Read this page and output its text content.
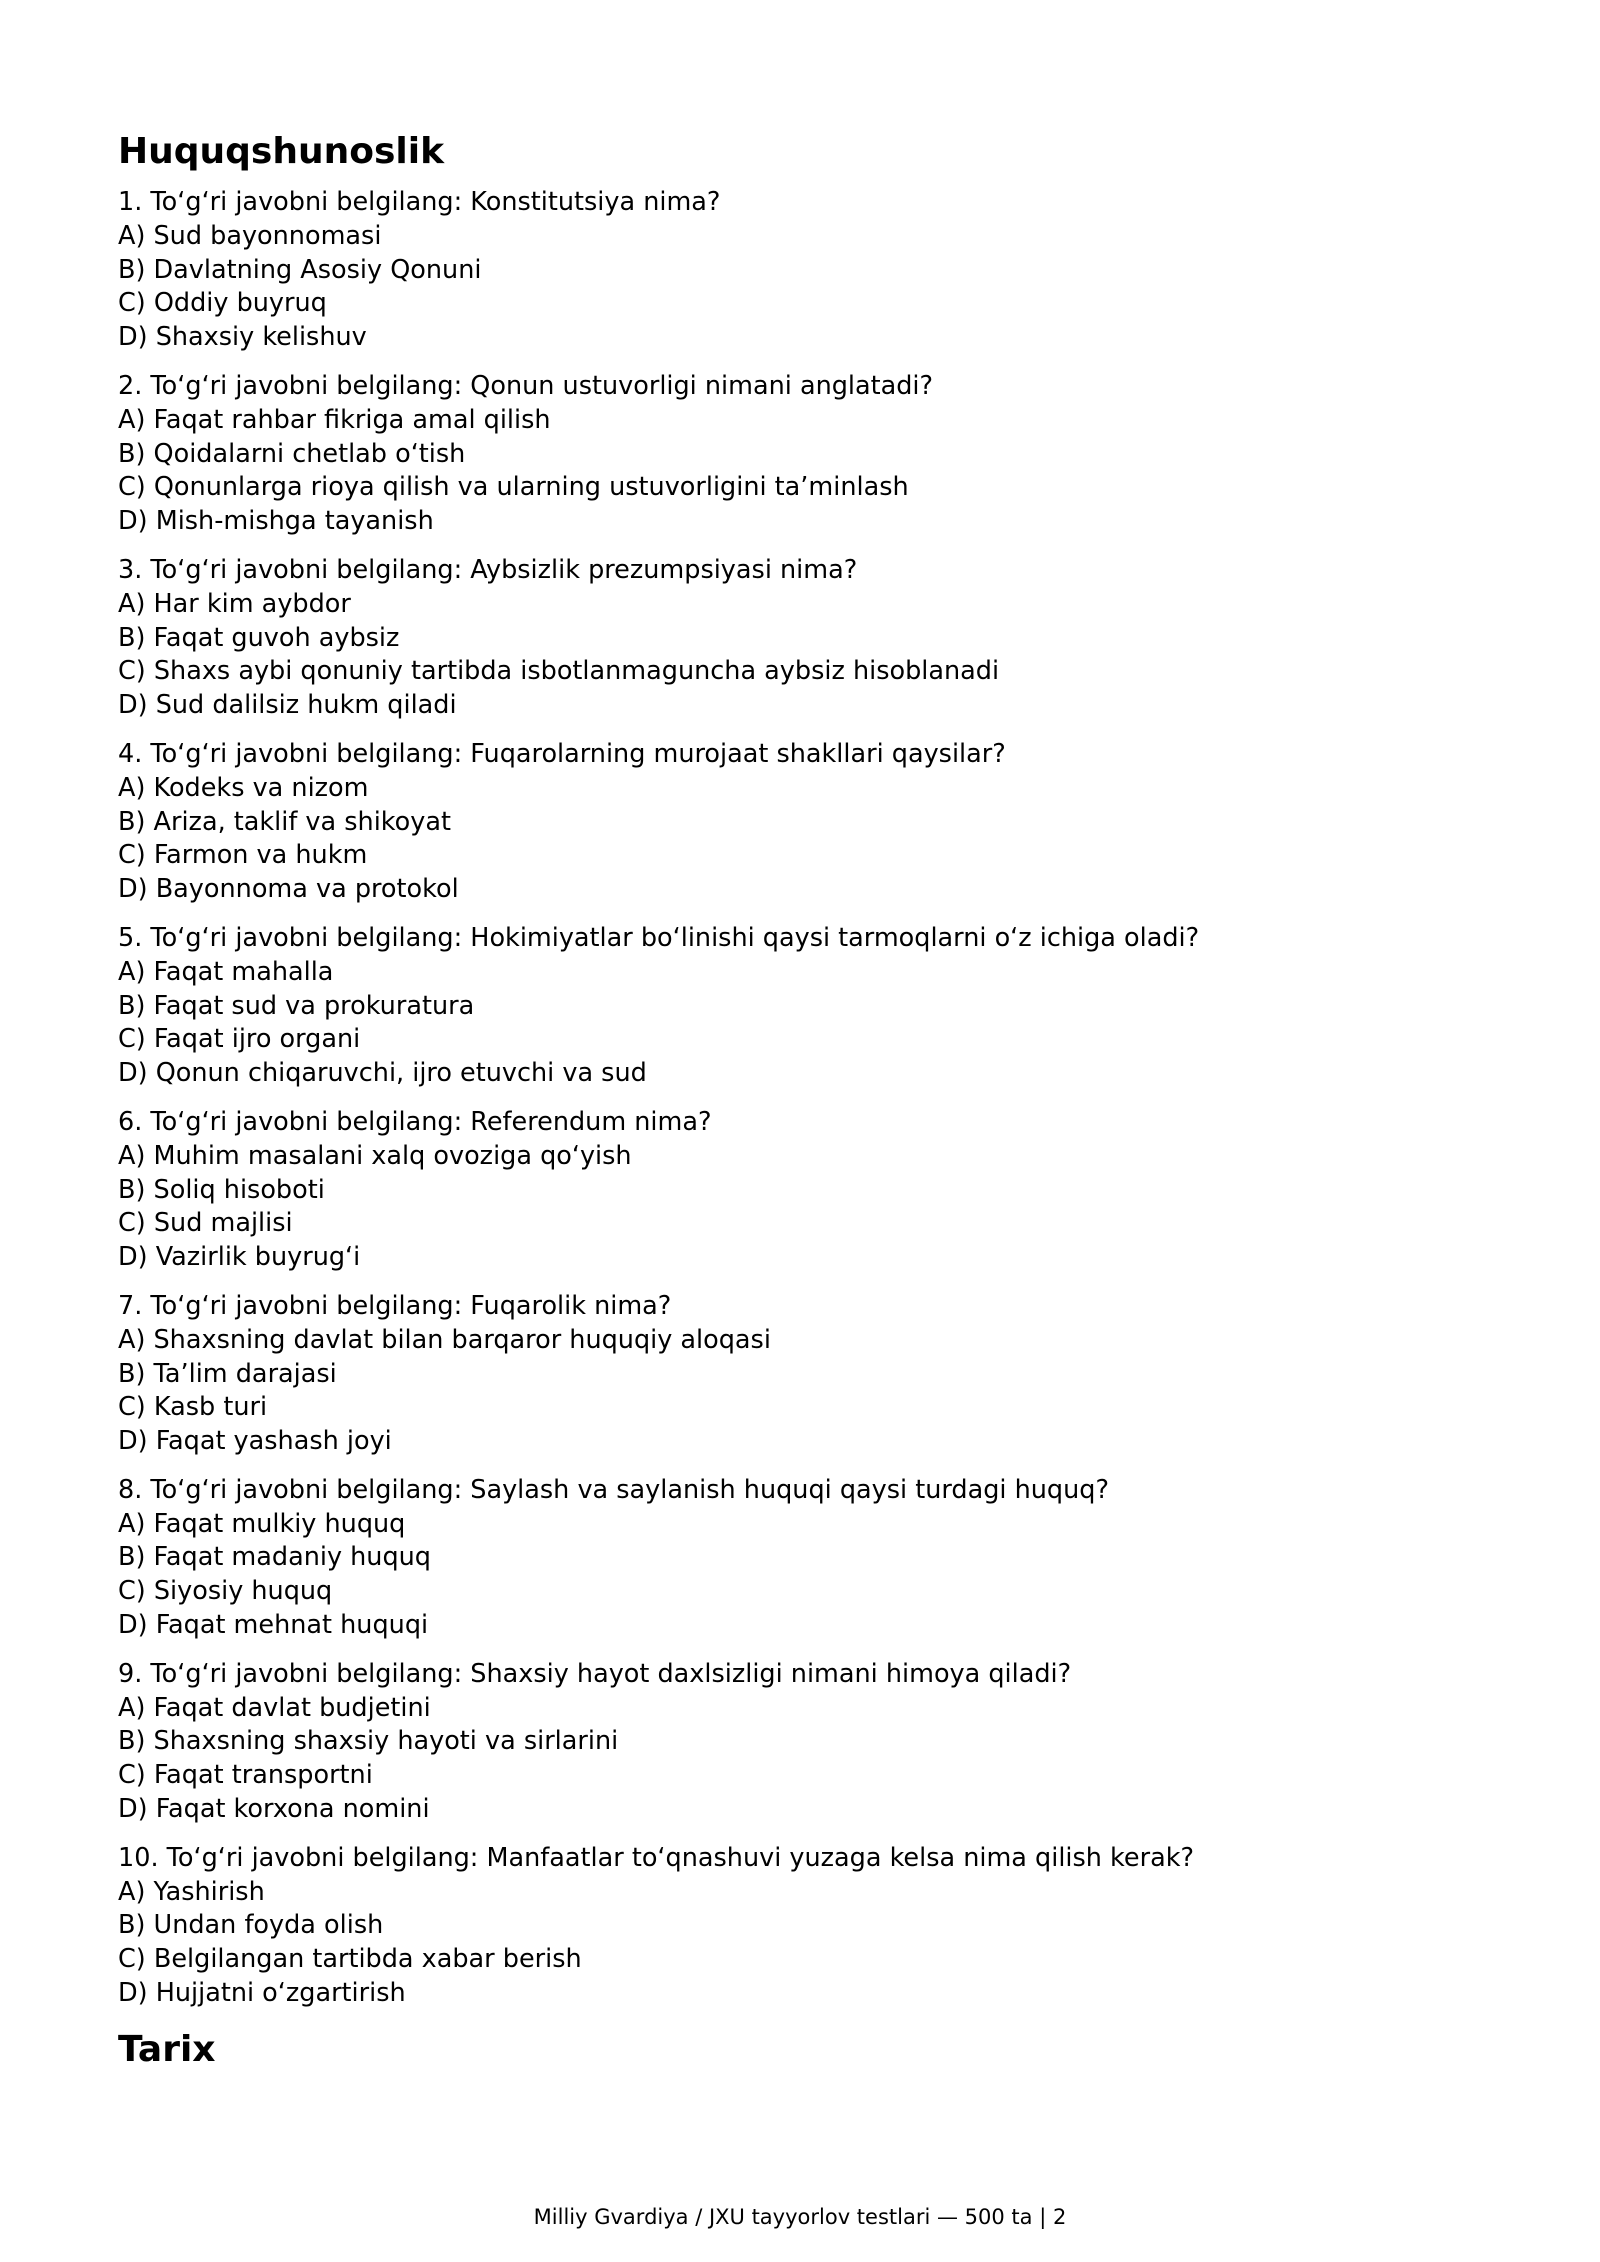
Huquqshunoslik
1. To‘g‘ri javobni belgilang: Konstitutsiya nima?
A) Sud bayonnomasi
B) Davlatning Asosiy Qonuni
C) Oddiy buyruq
D) Shaxsiy kelishuv
2. To‘g‘ri javobni belgilang: Qonun ustuvorligi nimani anglatadi?
A) Faqat rahbar fikriga amal qilish
B) Qoidalarni chetlab o‘tish
C) Qonunlarga rioya qilish va ularning ustuvorligini ta’minlash
D) Mish-mishga tayanish
3. To‘g‘ri javobni belgilang: Aybsizlik prezumpsiyasi nima?
A) Har kim aybdor
B) Faqat guvoh aybsiz
C) Shaxs aybi qonuniy tartibda isbotlanmaguncha aybsiz hisoblanadi
D) Sud dalilsiz hukm qiladi
4. To‘g‘ri javobni belgilang: Fuqarolarning murojaat shakllari qaysilar?
A) Kodeks va nizom
B) Ariza, taklif va shikoyat
C) Farmon va hukm
D) Bayonnoma va protokol
5. To‘g‘ri javobni belgilang: Hokimiyatlar bo‘linishi qaysi tarmoqlarni o‘z ichiga oladi?
A) Faqat mahalla
B) Faqat sud va prokuratura
C) Faqat ijro organi
D) Qonun chiqaruvchi, ijro etuvchi va sud
6. To‘g‘ri javobni belgilang: Referendum nima?
A) Muhim masalani xalq ovoziga qo‘yish
B) Soliq hisoboti
C) Sud majlisi
D) Vazirlik buyrug‘i
7. To‘g‘ri javobni belgilang: Fuqarolik nima?
A) Shaxsning davlat bilan barqaror huquqiy aloqasi
B) Ta’lim darajasi
C) Kasb turi
D) Faqat yashash joyi
8. To‘g‘ri javobni belgilang: Saylash va saylanish huquqi qaysi turdagi huquq?
A) Faqat mulkiy huquq
B) Faqat madaniy huquq
C) Siyosiy huquq
D) Faqat mehnat huquqi
9. To‘g‘ri javobni belgilang: Shaxsiy hayot daxlsizligi nimani himoya qiladi?
A) Faqat davlat budjetini
B) Shaxsning shaxsiy hayoti va sirlarini
C) Faqat transportni
D) Faqat korxona nomini
10. To‘g‘ri javobni belgilang: Manfaatlar to‘qnashuvi yuzaga kelsa nima qilish kerak?
A) Yashirish
B) Undan foyda olish
C) Belgilangan tartibda xabar berish
D) Hujjatni o‘zgartirish
Tarix
Milliy Gvardiya / JXU tayyorlov testlari — 500 ta | 2
